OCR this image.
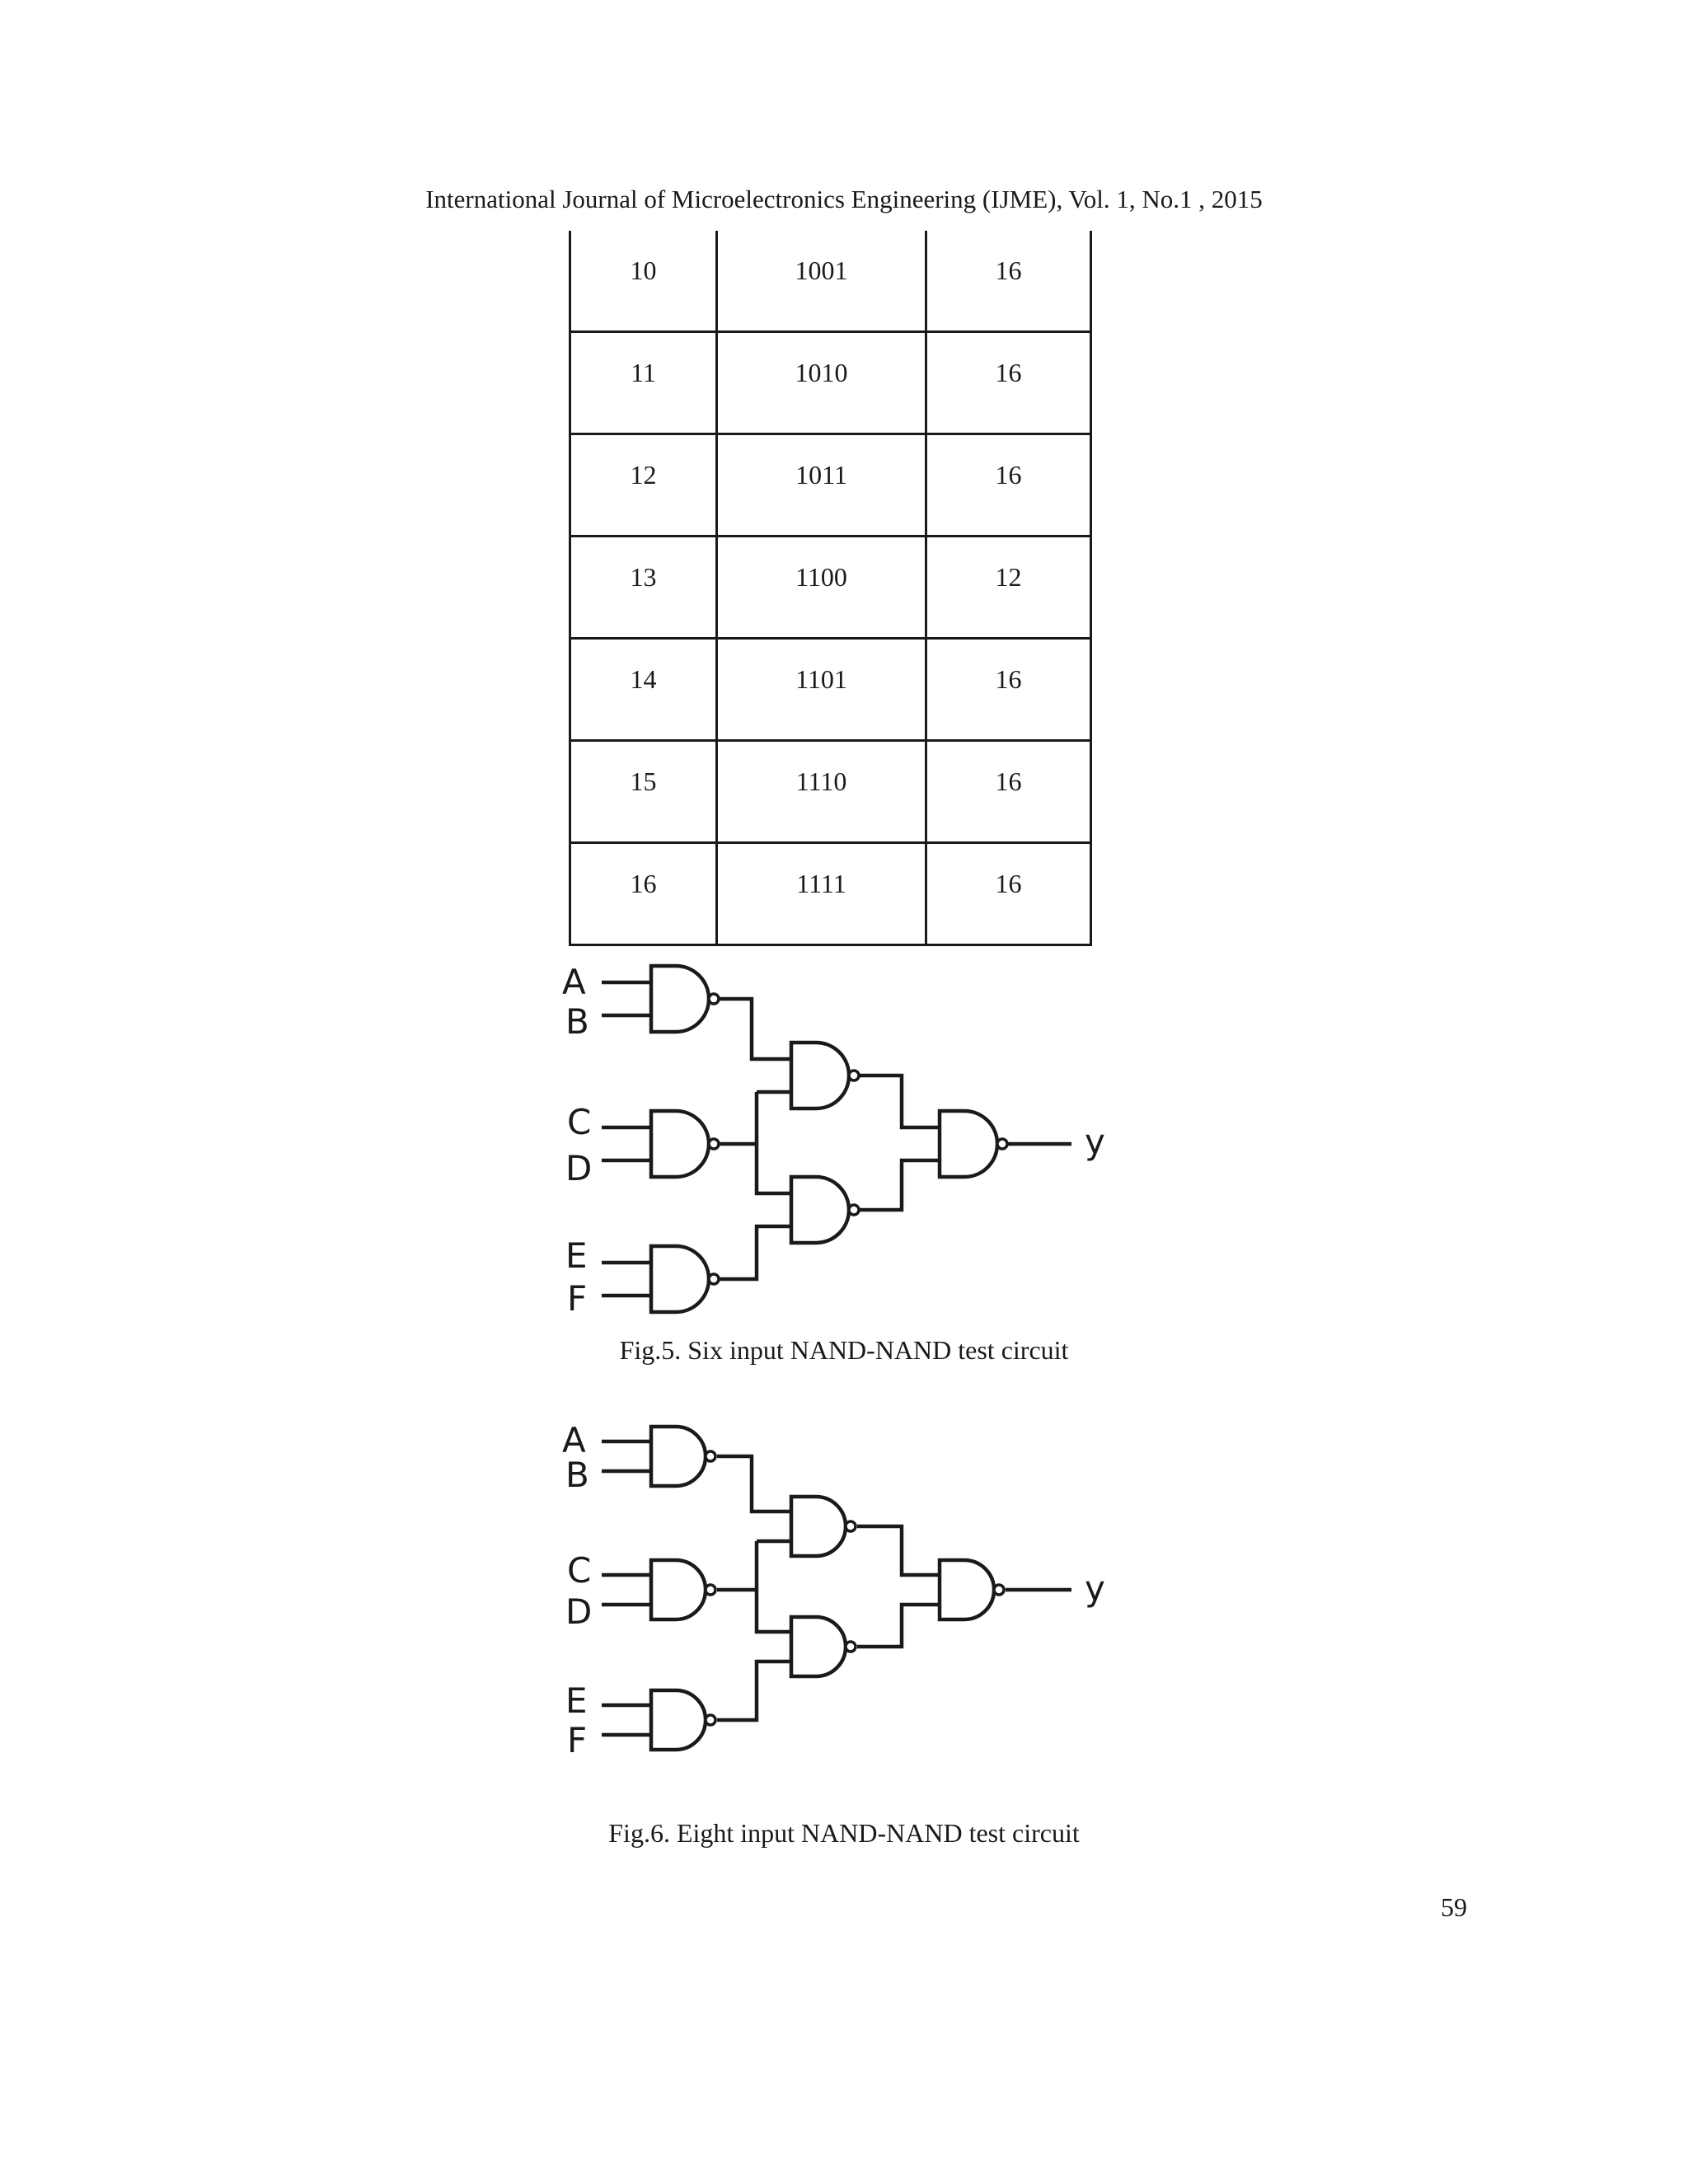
International Journal of Microelectronics Engineering (IJME), Vol. 1, No.1 , 2015
10	1001	16
11	1010	16
12	1011	16
13	1100	12
14	1101	16
15	1110	16
16	1111	16
A
B
C
D
E
F
y
Fig.5. Six input NAND-NAND test circuit
A
B
C
D
E
F
y
Fig.6. Eight input NAND-NAND test circuit
59
